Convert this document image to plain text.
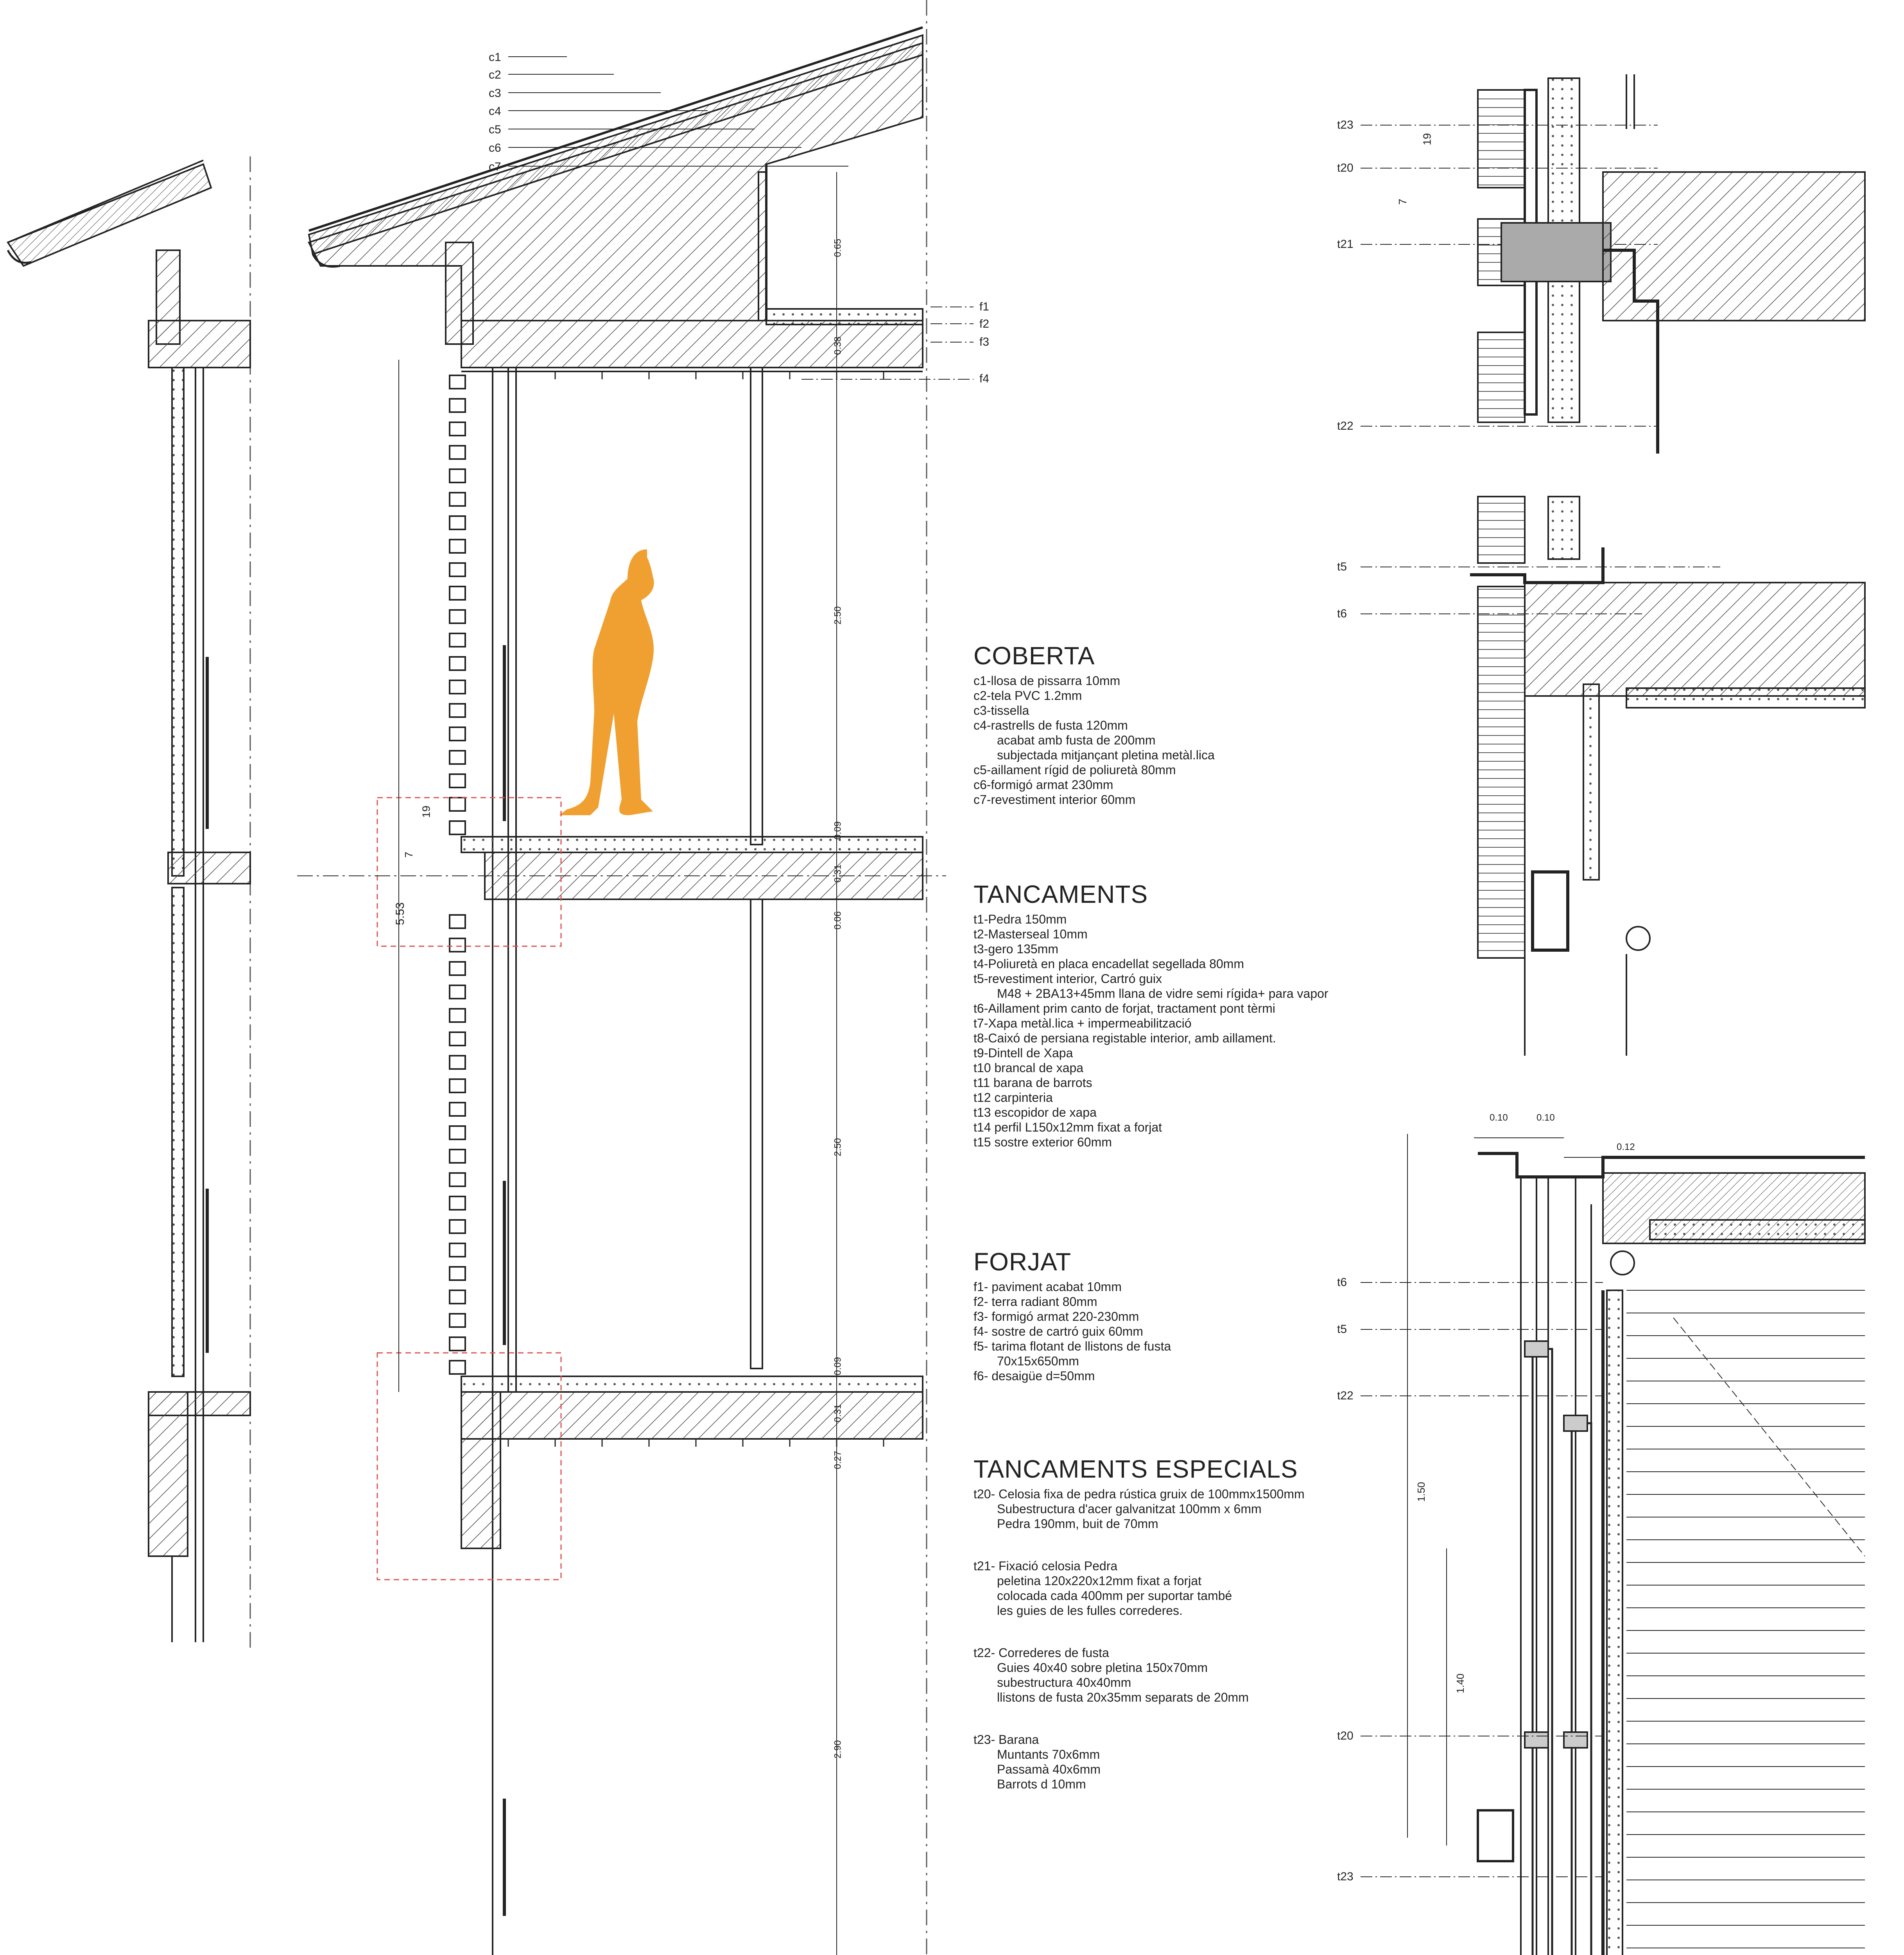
c1
c2
c3
c4
c5
c6
c7
f1
f2
f3
f4
t23
t20
t21
t22
t5
t6
t6
t5
t22
t20
t23
0.65
0.38
2.50
0.09
0.31
0.06
2.50
0.09
0.31
0.27
2.90
5.53
7
19
19
7
0.10	0.10
0.12
1.50
1.40
COBERTA
c1-llosa de pissarra 10mm
c2-tela PVC 1.2mm
c3-tissella
c4-rastrells de fusta 120mm
acabat amb fusta de 200mm
subjectada mitjançant pletina metàl.lica
c5-aillament rígid de poliuretà 80mm
c6-formigó armat 230mm
c7-revestiment interior 60mm
TANCAMENTS
t1-Pedra 150mm
t2-Masterseal 10mm
t3-gero 135mm
t4-Poliuretà en placa encadellat segellada 80mm
t5-revestiment interior, Cartró guix
M48 + 2BA13+45mm llana de vidre semi rígida+ para vapor
t6-Aillament prim canto de forjat, tractament pont tèrmi
t7-Xapa metàl.lica + impermeabilització
t8-Caixó de persiana registable interior, amb aillament.
t9-Dintell de Xapa
t10 brancal de xapa
t11 barana de barrots
t12 carpinteria
t13 escopidor de xapa
t14 perfil L150x12mm fixat a forjat
t15 sostre exterior 60mm
FORJAT
f1- paviment acabat 10mm
f2- terra radiant 80mm
f3- formigó armat 220-230mm
f4- sostre de cartró guix 60mm
f5- tarima flotant de llistons de fusta
70x15x650mm
f6- desaigüe d=50mm
TANCAMENTS ESPECIALS
t20- Celosia fixa de pedra rústica gruix de 100mmx1500mm
Subestructura d'acer galvanitzat 100mm x 6mm
Pedra 190mm, buit de 70mm
t21- Fixació celosia Pedra
peletina 120x220x12mm fixat a forjat
colocada cada 400mm per suportar també
les guies de les fulles correderes.
t22- Correderes de fusta
Guies 40x40 sobre pletina 150x70mm
subestructura 40x40mm
llistons de fusta 20x35mm separats de 20mm
t23- Barana
Muntants 70x6mm
Passamà 40x6mm
Barrots d 10mm
